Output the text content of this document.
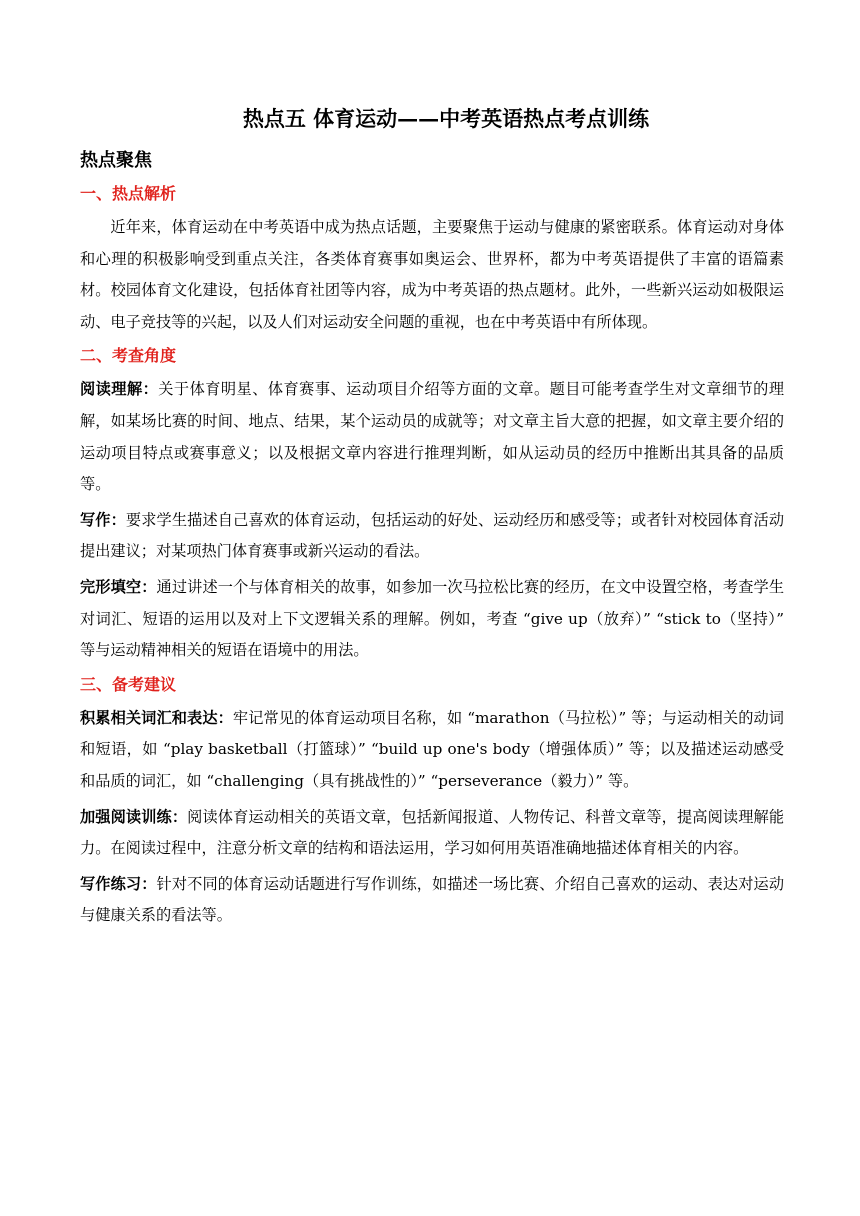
热点五 体育运动——中考英语热点考点训练
热点聚焦
一、热点解析
近年来，体育运动在中考英语中成为热点话题，主要聚焦于运动与健康的紧密联系。体育运动对身体和心理的积极影响受到重点关注，各类体育赛事如奥运会、世界杯，都为中考英语提供了丰富的语篇素材。校园体育文化建设，包括体育社团等内容，成为中考英语的热点题材。此外，一些新兴运动如极限运动、电子竞技等的兴起，以及人们对运动安全问题的重视，也在中考英语中有所体现。
二、考查角度
阅读理解：关于体育明星、体育赛事、运动项目介绍等方面的文章。题目可能考查学生对文章细节的理解，如某场比赛的时间、地点、结果，某个运动员的成就等；对文章主旨大意的把握，如文章主要介绍的运动项目特点或赛事意义；以及根据文章内容进行推理判断，如从运动员的经历中推断出其具备的品质等。
写作：要求学生描述自己喜欢的体育运动，包括运动的好处、运动经历和感受等；或者针对校园体育活动提出建议；对某项热门体育赛事或新兴运动的看法。
完形填空：通过讲述一个与体育相关的故事，如参加一次马拉松比赛的经历，在文中设置空格，考查学生对词汇、短语的运用以及对上下文逻辑关系的理解。例如，考查 “give up（放弃）” “stick to（坚持）” 等与运动精神相关的短语在语境中的用法。
三、备考建议
积累相关词汇和表达：牢记常见的体育运动项目名称，如 “marathon（马拉松）” 等；与运动相关的动词和短语，如 “play basketball（打篮球）” “build up one's body（增强体质）” 等；以及描述运动感受和品质的词汇，如 “challenging（具有挑战性的）” “perseverance（毅力）” 等。
加强阅读训练：阅读体育运动相关的英语文章，包括新闻报道、人物传记、科普文章等，提高阅读理解能力。在阅读过程中，注意分析文章的结构和语法运用，学习如何用英语准确地描述体育相关的内容。
写作练习：针对不同的体育运动话题进行写作训练，如描述一场比赛、介绍自己喜欢的运动、表达对运动与健康关系的看法等。
